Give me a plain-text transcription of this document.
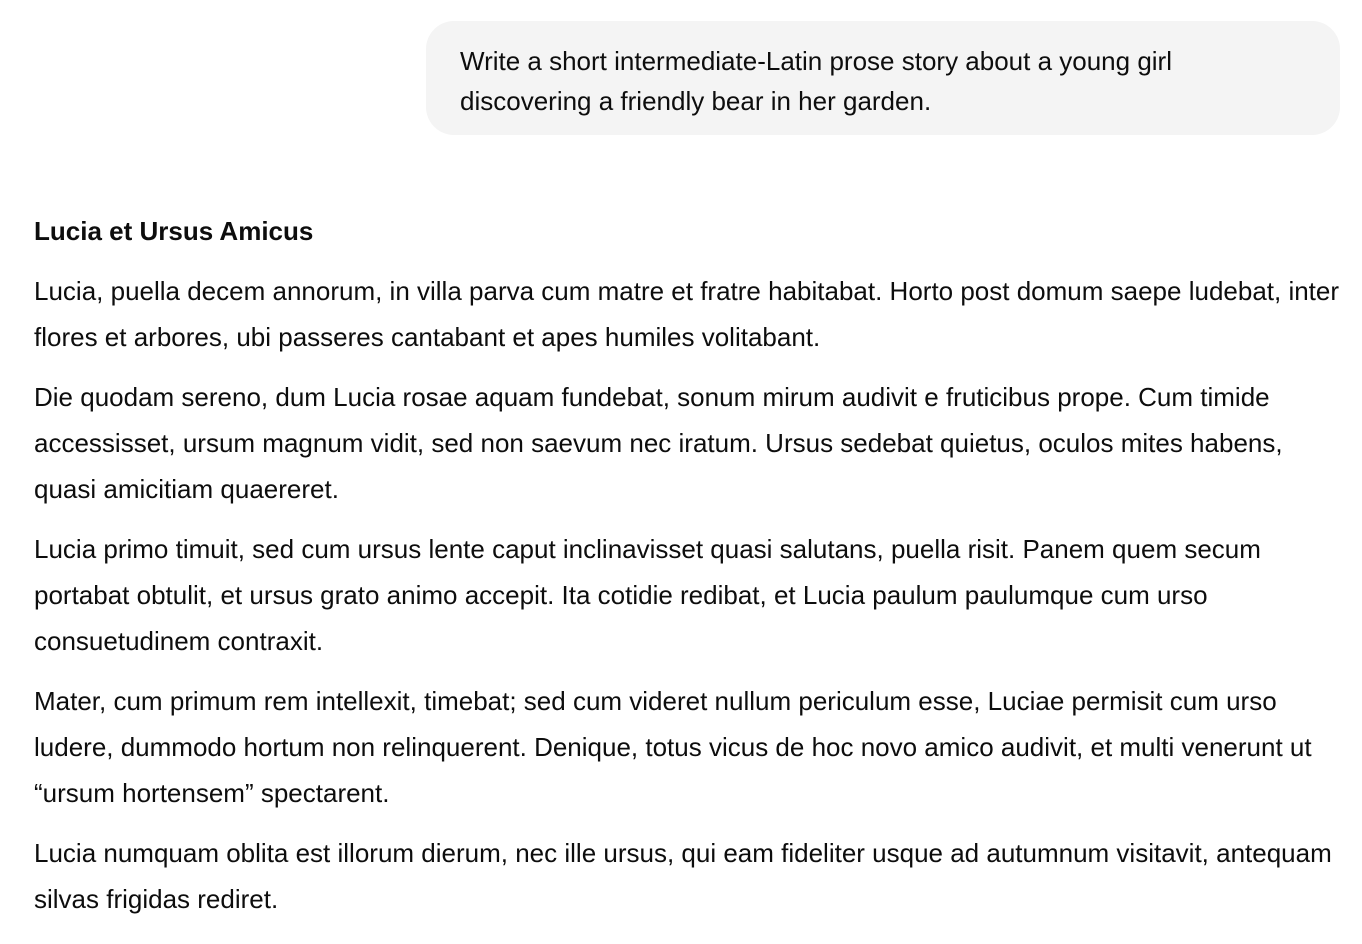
Write a short intermediate-Latin prose story about a young girl discovering a friendly bear in her garden.
Lucia et Ursus Amicus

Lucia, puella decem annorum, in villa parva cum matre et fratre habitabat. Horto post domum saepe ludebat, inter flores et arbores, ubi passeres cantabant et apes humiles volitabant.

Die quodam sereno, dum Lucia rosae aquam fundebat, sonum mirum audivit e fruticibus prope. Cum timide accessisset, ursum magnum vidit, sed non saevum nec iratum. Ursus sedebat quietus, oculos mites habens, quasi amicitiam quaereret.

Lucia primo timuit, sed cum ursus lente caput inclinavisset quasi salutans, puella risit. Panem quem secum portabat obtulit, et ursus grato animo accepit. Ita cotidie redibat, et Lucia paulum paulumque cum urso consuetudinem contraxit.

Mater, cum primum rem intellexit, timebat; sed cum videret nullum periculum esse, Luciae permisit cum urso ludere, dummodo hortum non relinquerent. Denique, totus vicus de hoc novo amico audivit, et multi venerunt ut “ursum hortensem” spectarent.

Lucia numquam oblita est illorum dierum, nec ille ursus, qui eam fideliter usque ad autumnum visitavit, antequam silvas frigidas rediret.
